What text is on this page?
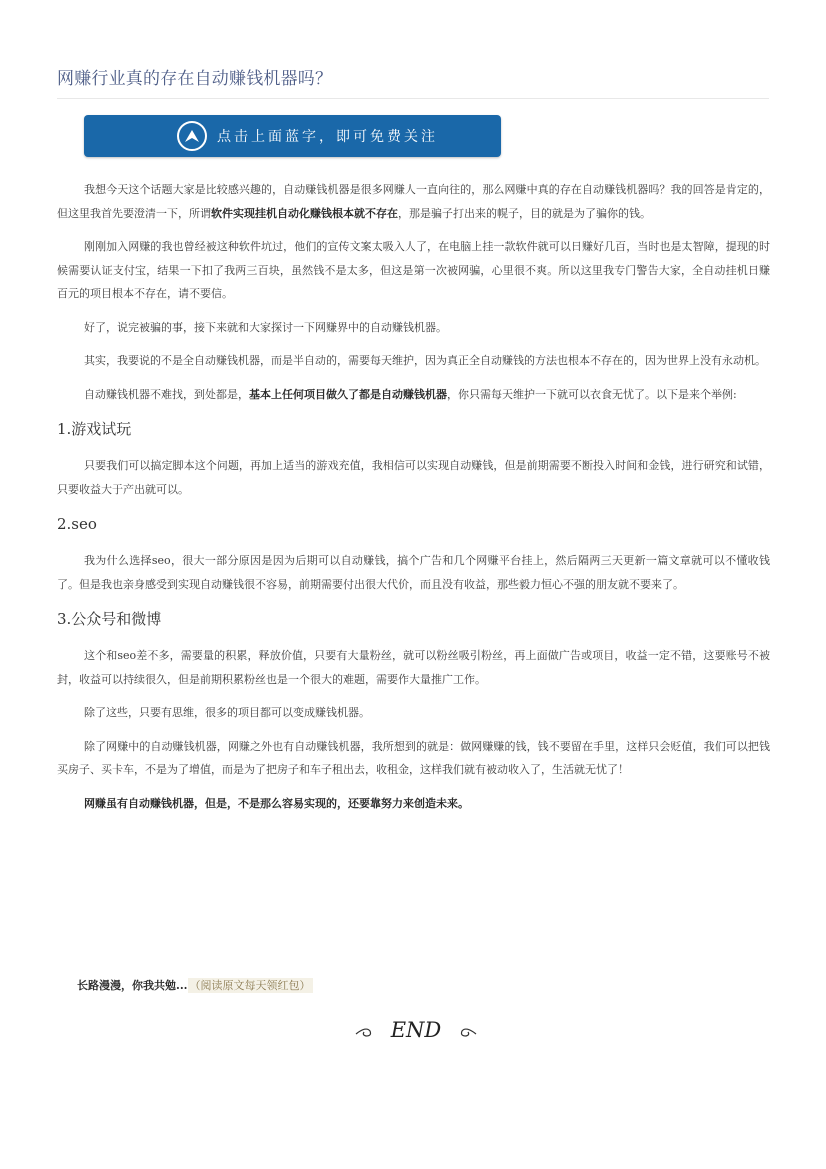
网赚行业真的存在自动赚钱机器吗？
点击上面蓝字，即可免费关注

我想今天这个话题大家是比较感兴趣的，自动赚钱机器是很多网赚人一直向往的，那么网赚中真的存在自动赚钱机器吗？我的回答是肯定的，但这里我首先要澄清一下，所谓软件实现挂机自动化赚钱根本就不存在，那是骗子打出来的幌子，目的就是为了骗你的钱。

刚刚加入网赚的我也曾经被这种软件坑过，他们的宣传文案太吸入人了，在电脑上挂一款软件就可以日赚好几百，当时也是太智障，提现的时候需要认证支付宝，结果一下扣了我两三百块，虽然钱不是太多，但这是第一次被网骗，心里很不爽。所以这里我专门警告大家，全自动挂机日赚百元的项目根本不存在，请不要信。

好了，说完被骗的事，接下来就和大家探讨一下网赚界中的自动赚钱机器。

其实，我要说的不是全自动赚钱机器，而是半自动的，需要每天维护，因为真正全自动赚钱的方法也根本不存在的，因为世界上没有永动机。

自动赚钱机器不难找，到处都是，基本上任何项目做久了都是自动赚钱机器，你只需每天维护一下就可以衣食无忧了。以下是来个举例:

1.游戏试玩

只要我们可以搞定脚本这个问题，再加上适当的游戏充值，我相信可以实现自动赚钱，但是前期需要不断投入时间和金钱，进行研究和试错，只要收益大于产出就可以。

2.seo

我为什么选择seo，很大一部分原因是因为后期可以自动赚钱，搞个广告和几个网赚平台挂上，然后隔两三天更新一篇文章就可以不懂收钱了。但是我也亲身感受到实现自动赚钱很不容易，前期需要付出很大代价，而且没有收益，那些毅力恒心不强的朋友就不要来了。

3.公众号和微博

这个和seo差不多，需要量的积累，释放价值，只要有大量粉丝，就可以粉丝吸引粉丝，再上面做广告或项目，收益一定不错，这要账号不被封，收益可以持续很久，但是前期积累粉丝也是一个很大的难题，需要作大量推广工作。

除了这些，只要有思维，很多的项目都可以变成赚钱机器。

除了网赚中的自动赚钱机器，网赚之外也有自动赚钱机器，我所想到的就是：做网赚赚的钱，钱不要留在手里，这样只会贬值，我们可以把钱买房子、买卡车，不是为了增值，而是为了把房子和车子租出去，收租金，这样我们就有被动收入了，生活就无忧了！

网赚虽有自动赚钱机器，但是，不是那么容易实现的，还要靠努力来创造未来。

长路漫漫，你我共勉... （阅读原文每天领红包）
END
